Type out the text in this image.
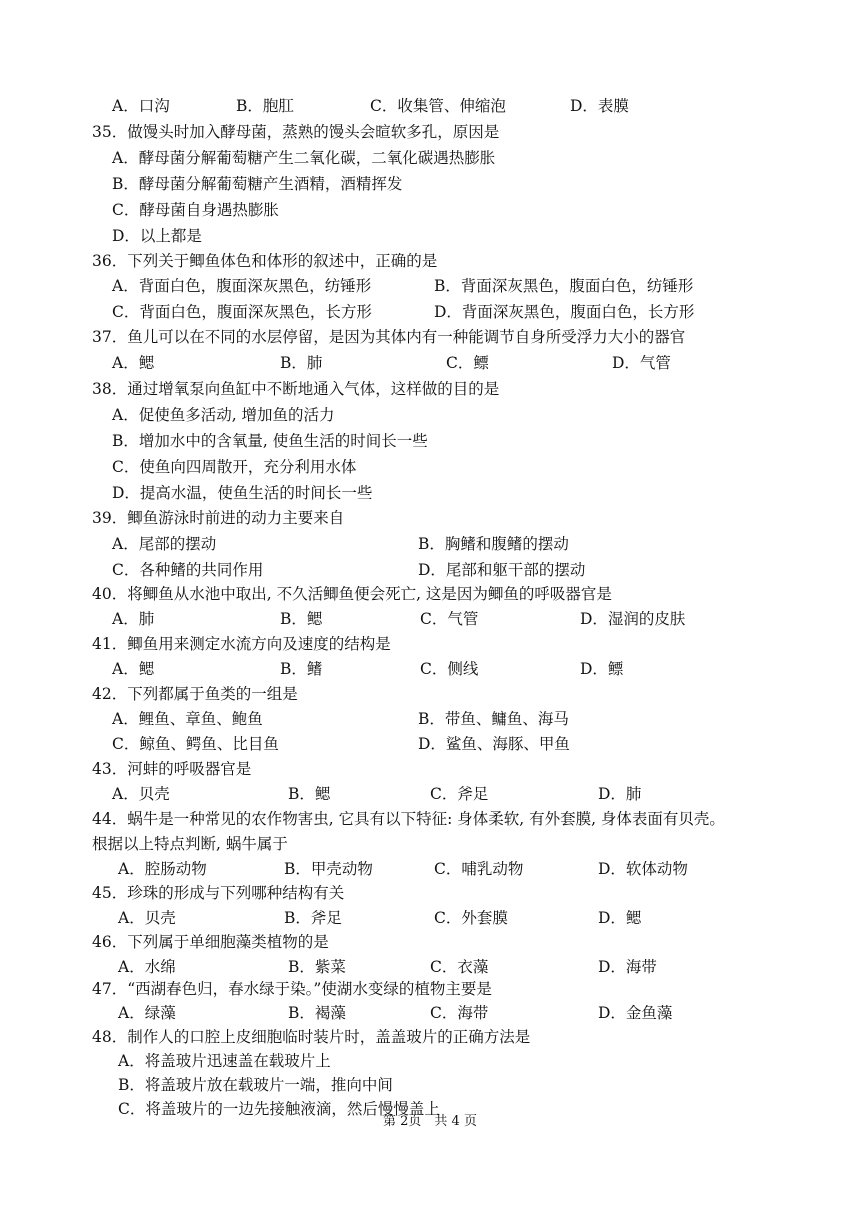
A．口沟	B．胞肛	C．收集管、伸缩泡	D．表膜
35．做馒头时加入酵母菌，蒸熟的馒头会暄软多孔，原因是
A．酵母菌分解葡萄糖产生二氧化碳，二氧化碳遇热膨胀
B．酵母菌分解葡萄糖产生酒精，酒精挥发
C．酵母菌自身遇热膨胀
D．以上都是
36．下列关于鲫鱼体色和体形的叙述中，正确的是
A．背面白色，腹面深灰黑色，纺锤形	B．背面深灰黑色，腹面白色，纺锤形
C．背面白色，腹面深灰黑色，长方形	D．背面深灰黑色，腹面白色，长方形
37．鱼儿可以在不同的水层停留，是因为其体内有一种能调节自身所受浮力大小的器官
A．鳃	B．肺	C．鳔	D．气管
38．通过增氧泵向鱼缸中不断地通入气体，这样做的目的是
A．促使鱼多活动, 增加鱼的活力
B．增加水中的含氧量, 使鱼生活的时间长一些
C．使鱼向四周散开，充分利用水体
D．提高水温，使鱼生活的时间长一些
39．鲫鱼游泳时前进的动力主要来自
A．尾部的摆动	B．胸鳍和腹鳍的摆动
C．各种鳍的共同作用	D．尾部和躯干部的摆动
40．将鲫鱼从水池中取出, 不久活鲫鱼便会死亡, 这是因为鲫鱼的呼吸器官是
A．肺	B．鳃	C．气管	D．湿润的皮肤
41．鲫鱼用来测定水流方向及速度的结构是
A．鳃	B．鳍	C．侧线	D．鳔
42．下列都属于鱼类的一组是
A．鲤鱼、章鱼、鲍鱼	B．带鱼、鳙鱼、海马
C．鲸鱼、鳄鱼、比目鱼	D．鲨鱼、海豚、甲鱼
43．河蚌的呼吸器官是
A．贝壳	B．鳃	C．斧足	D．肺
44．蜗牛是一种常见的农作物害虫, 它具有以下特征: 身体柔软, 有外套膜, 身体表面有贝壳。
根据以上特点判断, 蜗牛属于
A．腔肠动物	B．甲壳动物	C．哺乳动物	D．软体动物
45．珍珠的形成与下列哪种结构有关
A．贝壳	B．斧足	C．外套膜	D．鳃
46．下列属于单细胞藻类植物的是
A．水绵	B．紫菜	C．衣藻	D．海带
47．“西湖春色归，春水绿于染。”使湖水变绿的植物主要是
A．绿藻	B．褐藻	C．海带	D．金鱼藻
48．制作人的口腔上皮细胞临时装片时，盖盖玻片的正确方法是
A．将盖玻片迅速盖在载玻片上
B．将盖玻片放在载玻片一端，推向中间
C．将盖玻片的一边先接触液滴，然后慢慢盖上
第 2页　共 4 页
